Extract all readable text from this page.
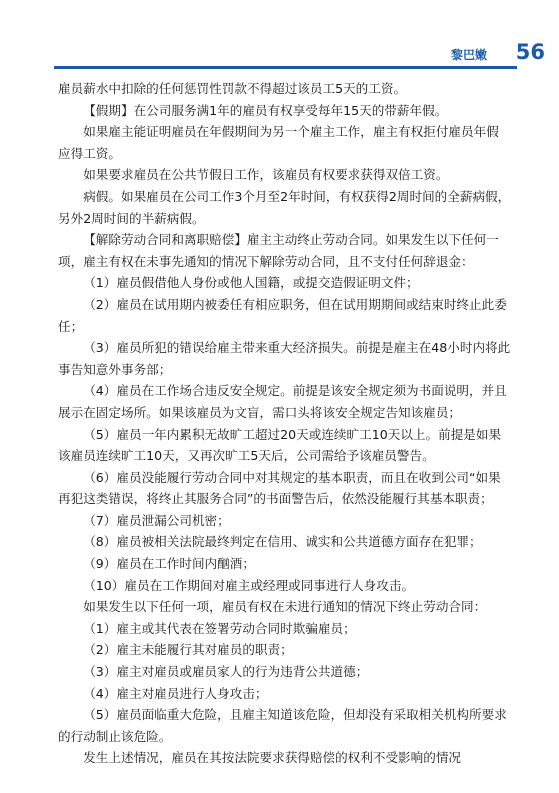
黎巴嫩 56

雇员薪水中扣除的任何惩罚性罚款不得超过该员工5天的工资。

【假期】在公司服务满1年的雇员有权享受每年15天的带薪年假。

如果雇主能证明雇员在年假期间为另一个雇主工作，雇主有权拒付雇员年假应得工资。

如果要求雇员在公共节假日工作，该雇员有权要求获得双倍工资。

病假。如果雇员在公司工作3个月至2年时间，有权获得2周时间的全薪病假，另外2周时间的半薪病假。

【解除劳动合同和离职赔偿】雇主主动终止劳动合同。如果发生以下任何一项，雇主有权在未事先通知的情况下解除劳动合同，且不支付任何辞退金：

（1）雇员假借他人身份或他人国籍，或提交造假证明文件；

（2）雇员在试用期内被委任有相应职务，但在试用期期间或结束时终止此委任；

（3）雇员所犯的错误给雇主带来重大经济损失。前提是雇主在48小时内将此事告知意外事务部；

（4）雇员在工作场合违反安全规定。前提是该安全规定须为书面说明，并且展示在固定场所。如果该雇员为文盲，需口头将该安全规定告知该雇员；

（5）雇员一年内累积无故旷工超过20天或连续旷工10天以上。前提是如果该雇员连续旷工10天，又再次旷工5天后，公司需给予该雇员警告。

（6）雇员没能履行劳动合同中对其规定的基本职责，而且在收到公司“如果再犯这类错误，将终止其服务合同”的书面警告后，依然没能履行其基本职责；

（7）雇员泄漏公司机密；

（8）雇员被相关法院最终判定在信用、诚实和公共道德方面存在犯罪；

（9）雇员在工作时间内酗酒；

（10）雇员在工作期间对雇主或经理或同事进行人身攻击。

如果发生以下任何一项，雇员有权在未进行通知的情况下终止劳动合同：

（1）雇主或其代表在签署劳动合同时欺骗雇员；

（2）雇主未能履行其对雇员的职责；

（3）雇主对雇员或雇员家人的行为违背公共道德；

（4）雇主对雇员进行人身攻击；

（5）雇员面临重大危险，且雇主知道该危险，但却没有采取相关机构所要求的行动制止该危险。

发生上述情况，雇员在其按法院要求获得赔偿的权利不受影响的情况
